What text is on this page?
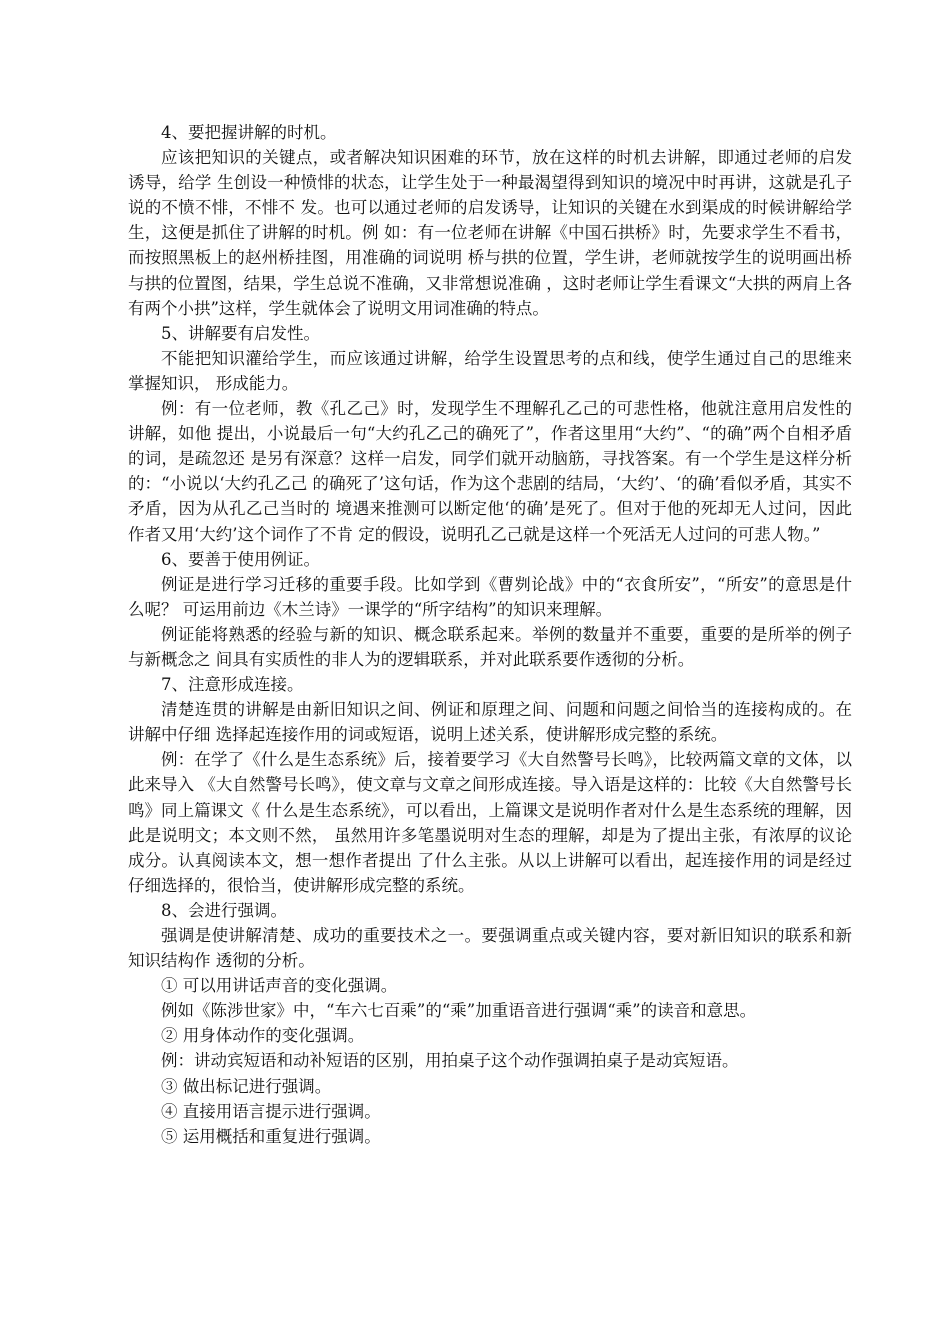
4、要把握讲解的时机。

应该把知识的关键点，或者解决知识困难的环节，放在这样的时机去讲解，即通过老师的启发诱导，给学 生创设一种愤悱的状态，让学生处于一种最渴望得到知识的境况中时再讲，这就是孔子说的不愤不悱，不悱不 发。也可以通过老师的启发诱导，让知识的关键在水到渠成的时候讲解给学生，这便是抓住了讲解的时机。例 如：有一位老师在讲解《中国石拱桥》时，先要求学生不看书，而按照黑板上的赵州桥挂图，用准确的词说明 桥与拱的位置，学生讲，老师就按学生的说明画出桥与拱的位置图，结果，学生总说不准确，又非常想说准确 ，这时老师让学生看课文“大拱的两肩上各有两个小拱”这样，学生就体会了说明文用词准确的特点。

5、讲解要有启发性。

不能把知识灌给学生，而应该通过讲解，给学生设置思考的点和线，使学生通过自己的思维来掌握知识， 形成能力。

例：有一位老师，教《孔乙己》时，发现学生不理解孔乙己的可悲性格，他就注意用启发性的讲解，如他 提出，小说最后一句“大约孔乙己的确死了”，作者这里用“大约”、“的确”两个自相矛盾的词，是疏忽还 是另有深意？这样一启发，同学们就开动脑筋，寻找答案。有一个学生是这样分析的：“小说以‘大约孔乙己 的确死了’这句话，作为这个悲剧的结局，‘大约’、‘的确’看似矛盾，其实不矛盾，因为从孔乙己当时的 境遇来推测可以断定他‘的确’是死了。但对于他的死却无人过问，因此作者又用‘大约’这个词作了不肯 定的假设，说明孔乙己就是这样一个死活无人过问的可悲人物。”

6、要善于使用例证。

例证是进行学习迁移的重要手段。比如学到《曹刿论战》中的“衣食所安”，“所安”的意思是什么呢？ 可运用前边《木兰诗》一课学的“所字结构”的知识来理解。

例证能将熟悉的经验与新的知识、概念联系起来。举例的数量并不重要，重要的是所举的例子与新概念之 间具有实质性的非人为的逻辑联系，并对此联系要作透彻的分析。

7、注意形成连接。

清楚连贯的讲解是由新旧知识之间、例证和原理之间、问题和问题之间恰当的连接构成的。在讲解中仔细 选择起连接作用的词或短语，说明上述关系，使讲解形成完整的系统。

例：在学了《什么是生态系统》后，接着要学习《大自然警号长鸣》，比较两篇文章的文体，以此来导入 《大自然警号长鸣》，使文章与文章之间形成连接。导入语是这样的：比较《大自然警号长鸣》同上篇课文《 什么是生态系统》，可以看出，上篇课文是说明作者对什么是生态系统的理解，因此是说明文；本文则不然， 虽然用许多笔墨说明对生态的理解，却是为了提出主张，有浓厚的议论成分。认真阅读本文，想一想作者提出 了什么主张。从以上讲解可以看出，起连接作用的词是经过仔细选择的，很恰当，使讲解形成完整的系统。

8、会进行强调。

强调是使讲解清楚、成功的重要技术之一。要强调重点或关键内容，要对新旧知识的联系和新知识结构作 透彻的分析。

① 可以用讲话声音的变化强调。

例如《陈涉世家》中，“车六七百乘”的“乘”加重语音进行强调“乘”的读音和意思。

② 用身体动作的变化强调。

例：讲动宾短语和动补短语的区别，用拍桌子这个动作强调拍桌子是动宾短语。

③ 做出标记进行强调。

④ 直接用语言提示进行强调。

⑤ 运用概括和重复进行强调。
